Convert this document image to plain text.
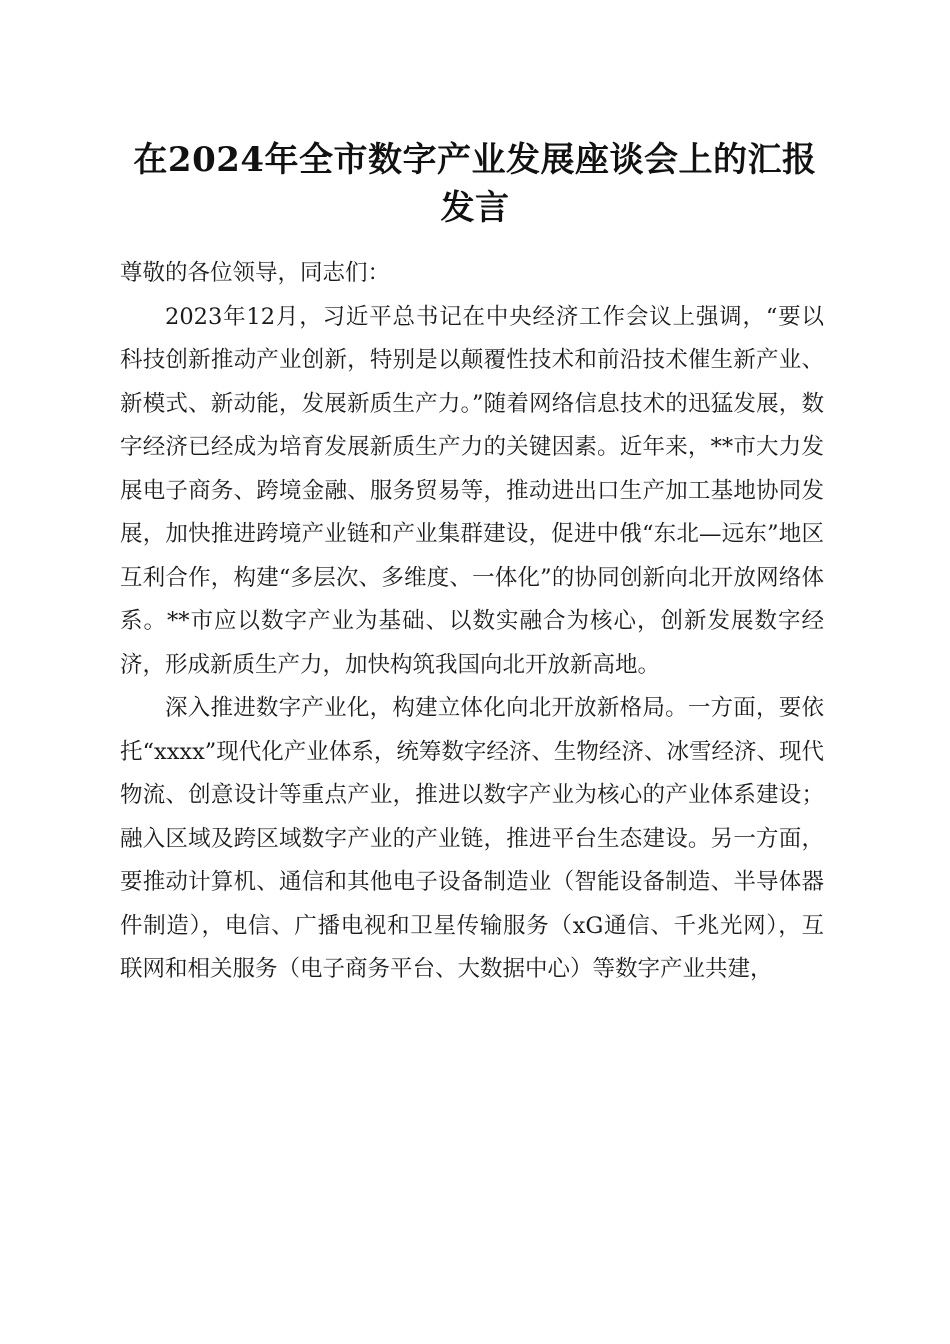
在2024年全市数字产业发展座谈会上的汇报
发言

尊敬的各位领导，同志们：

2023年12月，习近平总书记在中央经济工作会议上强调，“要以科技创新推动产业创新，特别是以颠覆性技术和前沿技术催生新产业、新模式、新动能，发展新质生产力。”随着网络信息技术的迅猛发展，数字经济已经成为培育发展新质生产力的关键因素。近年来，**市大力发展电子商务、跨境金融、服务贸易等，推动进出口生产加工基地协同发展，加快推进跨境产业链和产业集群建设，促进中俄“东北—远东”地区互利合作，构建“多层次、多维度、一体化”的协同创新向北开放网络体系。**市应以数字产业为基础、以数实融合为核心，创新发展数字经济，形成新质生产力，加快构筑我国向北开放新高地。

深入推进数字产业化，构建立体化向北开放新格局。一方面，要依托“xxxx”现代化产业体系，统筹数字经济、生物经济、冰雪经济、现代物流、创意设计等重点产业，推进以数字产业为核心的产业体系建设；融入区域及跨区域数字产业的产业链，推进平台生态建设。另一方面，要推动计算机、通信和其他电子设备制造业（智能设备制造、半导体器件制造），电信、广播电视和卫星传输服务（xG通信、千兆光网），互联网和相关服务（电子商务平台、大数据中心）等数字产业共建，
